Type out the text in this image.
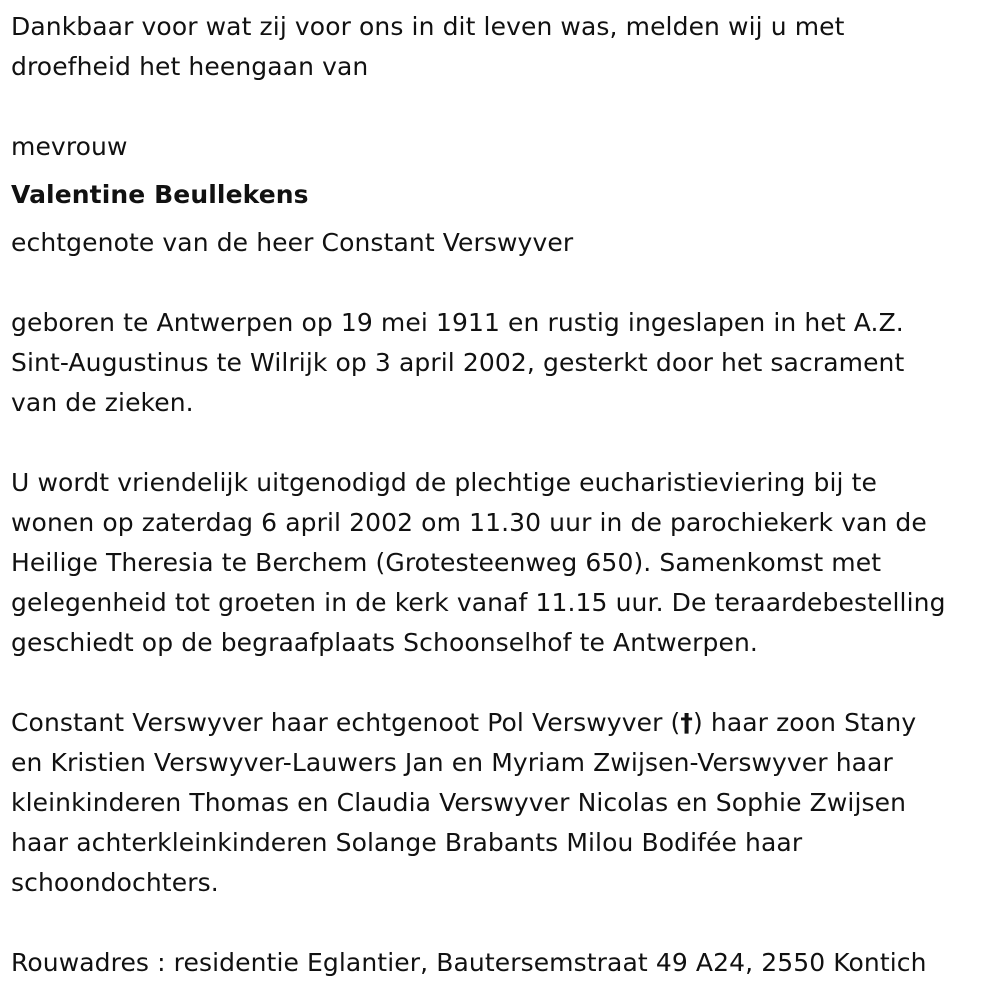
Dankbaar voor wat zij voor ons in dit leven was, melden wij u met
droefheid het heengaan van
mevrouw
Valentine Beullekens
echtgenote van de heer Constant Verswyver
geboren te Antwerpen op 19 mei 1911 en rustig ingeslapen in het A.Z.
Sint-Augustinus te Wilrijk op 3 april 2002, gesterkt door het sacrament
van de zieken.
U wordt vriendelijk uitgenodigd de plechtige eucharistieviering bij te
wonen op zaterdag 6 april 2002 om 11.30 uur in de parochiekerk van de
Heilige Theresia te Berchem (Grotesteenweg 650). Samenkomst met
gelegenheid tot groeten in de kerk vanaf 11.15 uur. De teraardebestelling
geschiedt op de begraafplaats Schoonselhof te Antwerpen.
Constant Verswyver haar echtgenoot Pol Verswyver (†) haar zoon Stany
en Kristien Verswyver-Lauwers Jan en Myriam Zwijsen-Verswyver haar
kleinkinderen Thomas en Claudia Verswyver Nicolas en Sophie Zwijsen
haar achterkleinkinderen Solange Brabants Milou Bodifée haar
schoondochters.
Rouwadres : residentie Eglantier, Bautersemstraat 49 A24, 2550 Kontich
